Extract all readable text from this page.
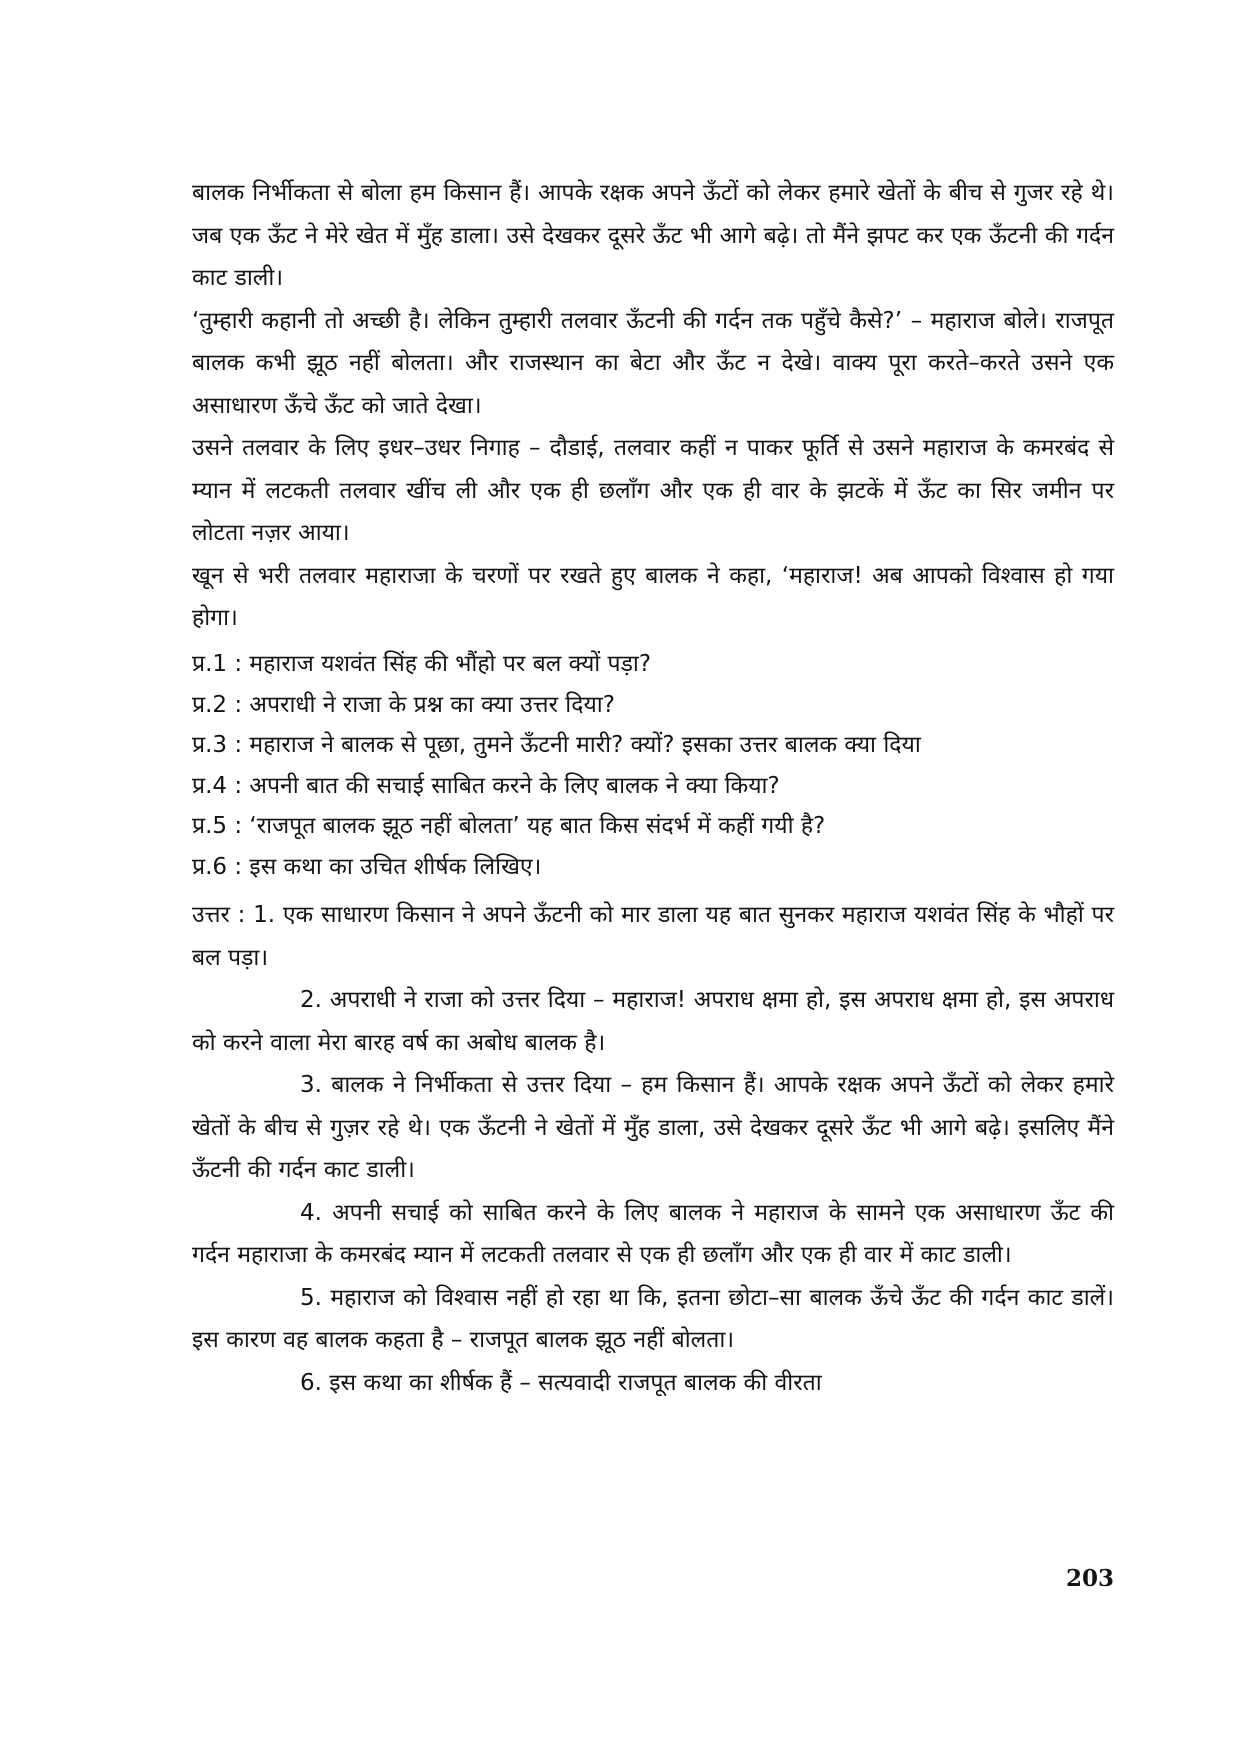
बालक निर्भीकता से बोला हम किसान हैं। आपके रक्षक अपने ऊँटों को लेकर हमारे खेतों के बीच से गुजर रहे थे। जब एक ऊँट ने मेरे खेत में मुँह डाला। उसे देखकर दूसरे ऊँट भी आगे बढ़े। तो मैंने झपट कर एक ऊँटनी की गर्दन काट डाली।

‘तुम्हारी कहानी तो अच्छी है। लेकिन तुम्हारी तलवार ऊँटनी की गर्दन तक पहुँचे कैसे?’ – महाराज बोले। राजपूत बालक कभी झूठ नहीं बोलता। और राजस्थान का बेटा और ऊँट न देखे। वाक्य पूरा करते–करते उसने एक असाधारण ऊँचे ऊँट को जाते देखा।

उसने तलवार के लिए इधर–उधर निगाह – दौडाई, तलवार कहीं न पाकर फूर्ति से उसने महाराज के कमरबंद से म्यान में लटकती तलवार खींच ली और एक ही छलाँग और एक ही वार के झटकें में ऊँट का सिर जमीन पर लोटता नज़र आया।

खून से भरी तलवार महाराजा के चरणों पर रखते हुए बालक ने कहा, ‘महाराज! अब आपको विश्वास हो गया होगा।

प्र.1 : महाराज यशवंत सिंह की भौंहो पर बल क्यों पड़ा?

प्र.2 : अपराधी ने राजा के प्रश्न का क्या उत्तर दिया?

प्र.3 : महाराज ने बालक से पूछा, तुमने ऊँटनी मारी? क्यों? इसका उत्तर बालक क्या दिया

प्र.4 : अपनी बात की सचाई साबित करने के लिए बालक ने क्या किया?

प्र.5 : ‘राजपूत बालक झूठ नहीं बोलता’ यह बात किस संदर्भ में कहीं गयी है?

प्र.6 : इस कथा का उचित शीर्षक लिखिए।

उत्तर : 1. एक साधारण किसान ने अपने ऊँटनी को मार डाला यह बात सुनकर महाराज यशवंत सिंह के भौहों पर बल पड़ा।

2. अपराधी ने राजा को उत्तर दिया – महाराज! अपराध क्षमा हो, इस अपराध क्षमा हो, इस अपराध को करने वाला मेरा बारह वर्ष का अबोध बालक है।

3. बालक ने निर्भीकता से उत्तर दिया – हम किसान हैं। आपके रक्षक अपने ऊँटों को लेकर हमारे खेतों के बीच से गुज़र रहे थे। एक ऊँटनी ने खेतों में मुँह डाला, उसे देखकर दूसरे ऊँट भी आगे बढ़े। इसलिए मैंने ऊँटनी की गर्दन काट डाली।

4. अपनी सचाई को साबित करने के लिए बालक ने महाराज के सामने एक असाधारण ऊँट की गर्दन महाराजा के कमरबंद म्यान में लटकती तलवार से एक ही छलाँग और एक ही वार में काट डाली।

5. महाराज को विश्वास नहीं हो रहा था कि, इतना छोटा–सा बालक ऊँचे ऊँट की गर्दन काट डालें। इस कारण वह बालक कहता है – राजपूत बालक झूठ नहीं बोलता।

6. इस कथा का शीर्षक हैं – सत्यवादी राजपूत बालक की वीरता

203
